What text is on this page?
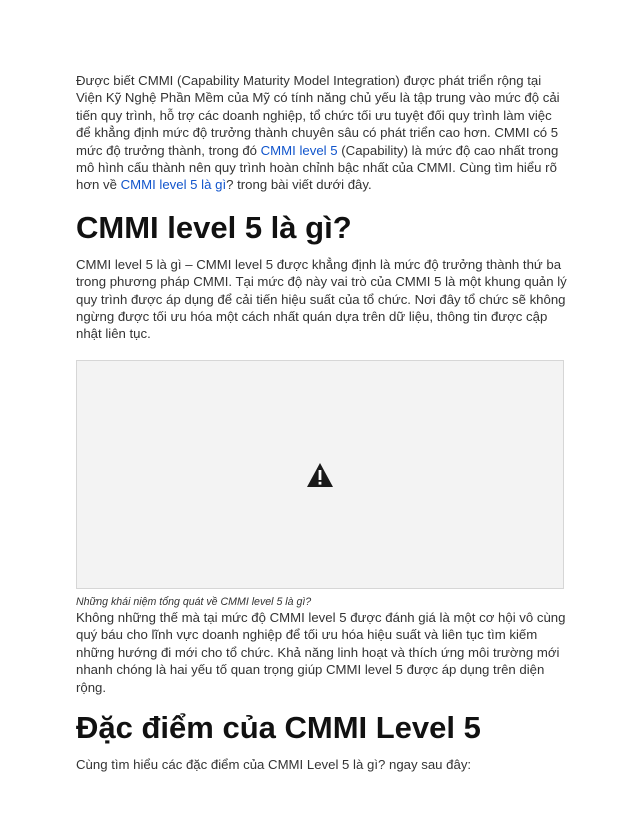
Được biết CMMI (Capability Maturity Model Integration) được phát triển rộng tại Viện Kỹ Nghệ Phần Mềm của Mỹ có tính năng chủ yếu là tập trung vào mức độ cải tiến quy trình, hỗ trợ các doanh nghiệp, tổ chức tối ưu tuyệt đối quy trình làm việc để khẳng định mức độ trưởng thành chuyên sâu có phát triển cao hơn. CMMI có 5 mức độ trưởng thành, trong đó CMMI level 5 (Capability) là mức độ cao nhất trong mô hình cấu thành nên quy trình hoàn chỉnh bậc nhất của CMMI. Cùng tìm hiểu rõ hơn về CMMI level 5 là gì? trong bài viết dưới đây.

CMMI level 5 là gì?

CMMI level 5 là gì – CMMI level 5 được khẳng định là mức độ trưởng thành thứ ba trong phương pháp CMMI. Tại mức độ này vai trò của CMMI 5 là một khung quản lý quy trình được áp dụng để cải tiến hiệu suất của tổ chức. Nơi đây tổ chức sẽ không ngừng được tối ưu hóa một cách nhất quán dựa trên dữ liệu, thông tin được cập nhật liên tục.

Những khái niệm tổng quát về CMMI level 5 là gì?

Không những thế mà tại mức độ CMMI level 5 được đánh giá là một cơ hội vô cùng quý báu cho lĩnh vực doanh nghiệp để tối ưu hóa hiệu suất và liên tục tìm kiếm những hướng đi mới cho tổ chức. Khả năng linh hoạt và thích ứng môi trường mới nhanh chóng là hai yếu tố quan trọng giúp CMMI level 5 được áp dụng trên diện rộng.

Đặc điểm của CMMI Level 5

Cùng tìm hiểu các đặc điểm của CMMI Level 5 là gì? ngay sau đây:
